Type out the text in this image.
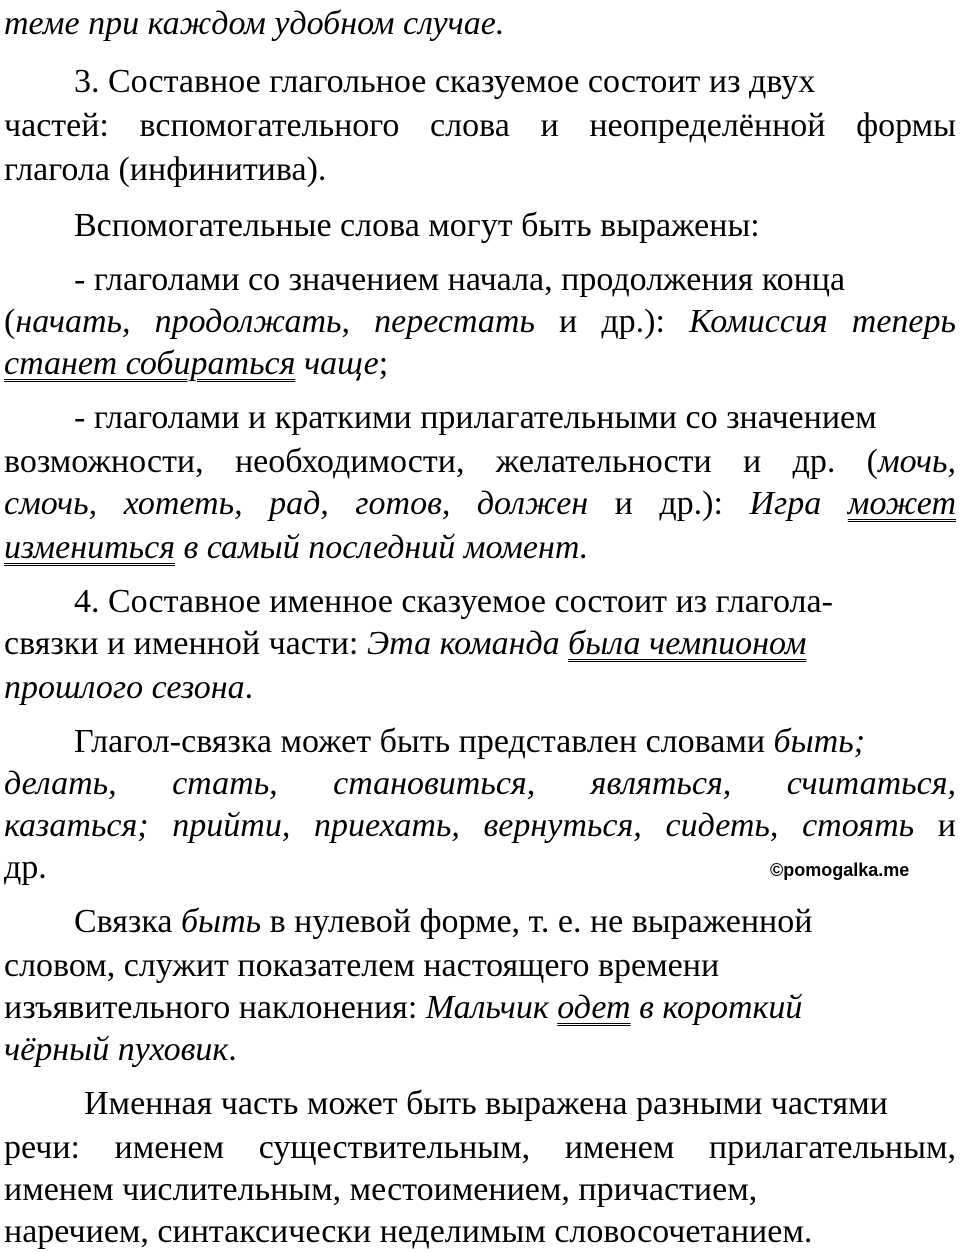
теме при каждом удобном случае.
3. Составное глагольное сказуемое состоит из двух
частей: вспомогательного слова и неопределённой формы
глагола (инфинитива).
Вспомогательные слова могут быть выражены:
- глаголами со значением начала, продолжения конца
(начать, продолжать, перестать и др.): Комиссия теперь
станет собираться чаще;
- глаголами и краткими прилагательными со значением
возможности, необходимости, желательности и др. (мочь,
смочь, хотеть, рад, готов, должен и др.): Игра может
измениться в самый последний момент.
4. Составное именное сказуемое состоит из глагола-
связки и именной части: Эта команда была чемпионом
прошлого сезона.
Глагол-связка может быть представлен словами быть;
делать, стать, становиться, являться, считаться,
казаться; прийти, приехать, вернуться, сидеть, стоять и
др.	©pomogalka.me
Связка быть в нулевой форме, т. е. не выраженной
словом, служит показателем настоящего времени
изъявительного наклонения: Мальчик одет в короткий
чёрный пуховик.
Именная часть может быть выражена разными частями
речи: именем существительным, именем прилагательным,
именем числительным, местоимением, причастием,
наречием, синтаксически неделимым словосочетанием.
